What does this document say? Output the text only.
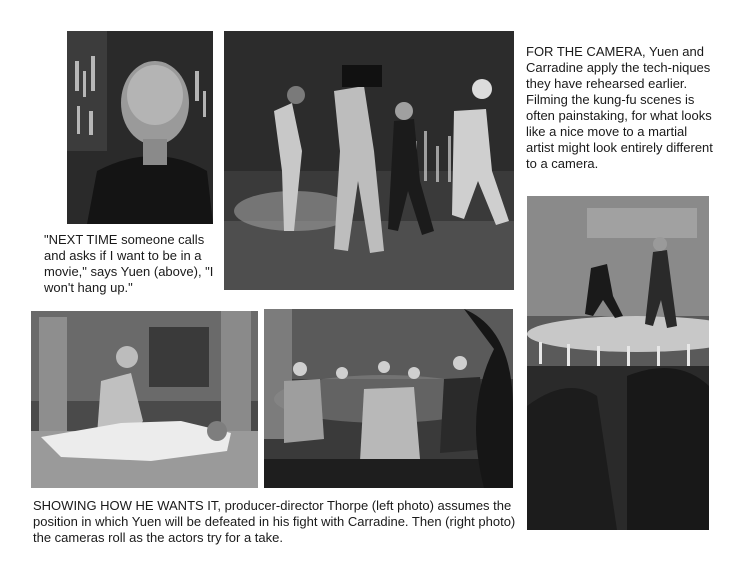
FOR THE CAMERA, Yuen and Carradine apply the tech-niques they have rehearsed earlier. Filming the kung-fu scenes is often painstaking, for what looks like a nice move to a martial artist might look entirely different to a camera.

"NEXT TIME someone calls and asks if I want to be in a movie," says Yuen (above), "I won't hang up."

SHOWING HOW HE WANTS IT, producer-director Thorpe (left photo) assumes the position in which Yuen will be defeated in his fight with Carradine. Then (right photo) the cameras roll as the actors try for a take.
